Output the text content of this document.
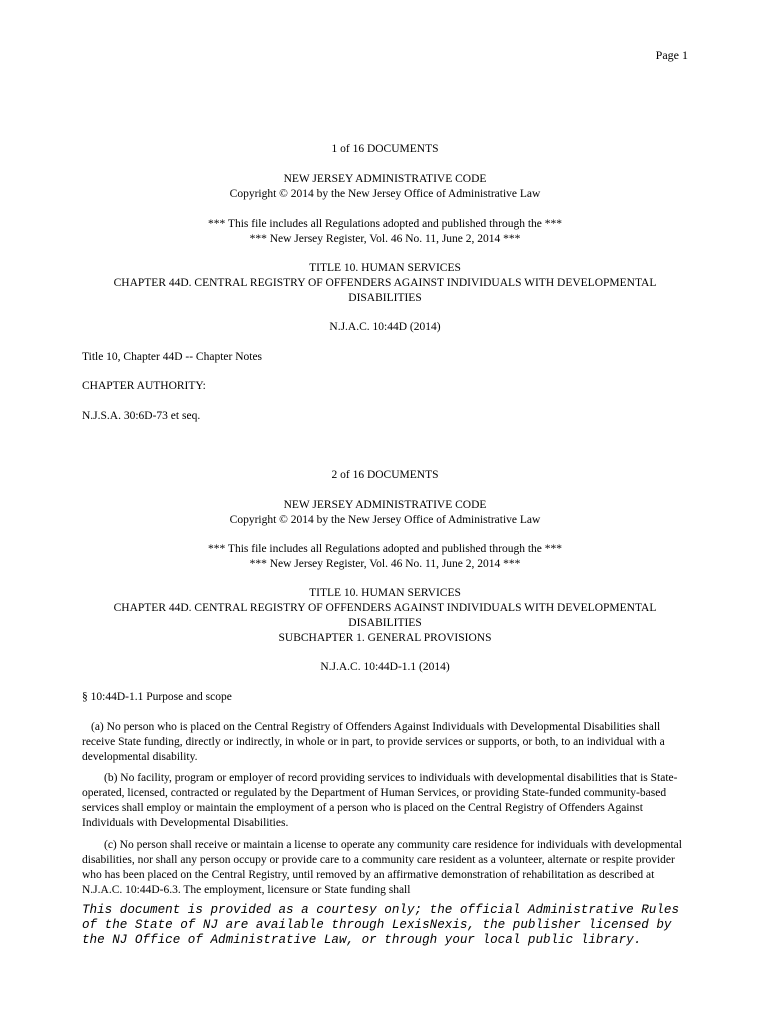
Page 1

1 of 16 DOCUMENTS

NEW JERSEY ADMINISTRATIVE CODE

Copyright © 2014 by the New Jersey Office of Administrative Law

*** This file includes all Regulations adopted and published through the ***

*** New Jersey Register, Vol. 46 No. 11, June 2, 2014 ***

TITLE 10. HUMAN SERVICES

CHAPTER 44D. CENTRAL REGISTRY OF OFFENDERS AGAINST INDIVIDUALS WITH DEVELOPMENTAL

DISABILITIES

N.J.A.C. 10:44D (2014)

Title 10, Chapter 44D -- Chapter Notes

CHAPTER AUTHORITY:

N.J.S.A. 30:6D-73 et seq.

2 of 16 DOCUMENTS

NEW JERSEY ADMINISTRATIVE CODE

Copyright © 2014 by the New Jersey Office of Administrative Law

*** This file includes all Regulations adopted and published through the ***

*** New Jersey Register, Vol. 46 No. 11, June 2, 2014 ***

TITLE 10. HUMAN SERVICES

CHAPTER 44D. CENTRAL REGISTRY OF OFFENDERS AGAINST INDIVIDUALS WITH DEVELOPMENTAL

DISABILITIES

SUBCHAPTER 1. GENERAL PROVISIONS

N.J.A.C. 10:44D-1.1 (2014)

§ 10:44D-1.1 Purpose and scope

(a) No person who is placed on the Central Registry of Offenders Against Individuals with Developmental Disabilities shall receive State funding, directly or indirectly, in whole or in part, to provide services or supports, or both, to an individual with a developmental disability.

(b) No facility, program or employer of record providing services to individuals with developmental disabilities that is State-operated, licensed, contracted or regulated by the Department of Human Services, or providing State-funded community-based services shall employ or maintain the employment of a person who is placed on the Central Registry of Offenders Against Individuals with Developmental Disabilities.

(c) No person shall receive or maintain a license to operate any community care residence for individuals with developmental disabilities, nor shall any person occupy or provide care to a community care resident as a volunteer, alternate or respite provider who has been placed on the Central Registry, until removed by an affirmative demonstration of rehabilitation as described at N.J.A.C. 10:44D-6.3. The employment, licensure or State funding shall

This document is provided as a courtesy only; the official Administrative Rules
of the State of NJ are available through LexisNexis, the publisher licensed by
the NJ Office of Administrative Law, or through your local public library.
